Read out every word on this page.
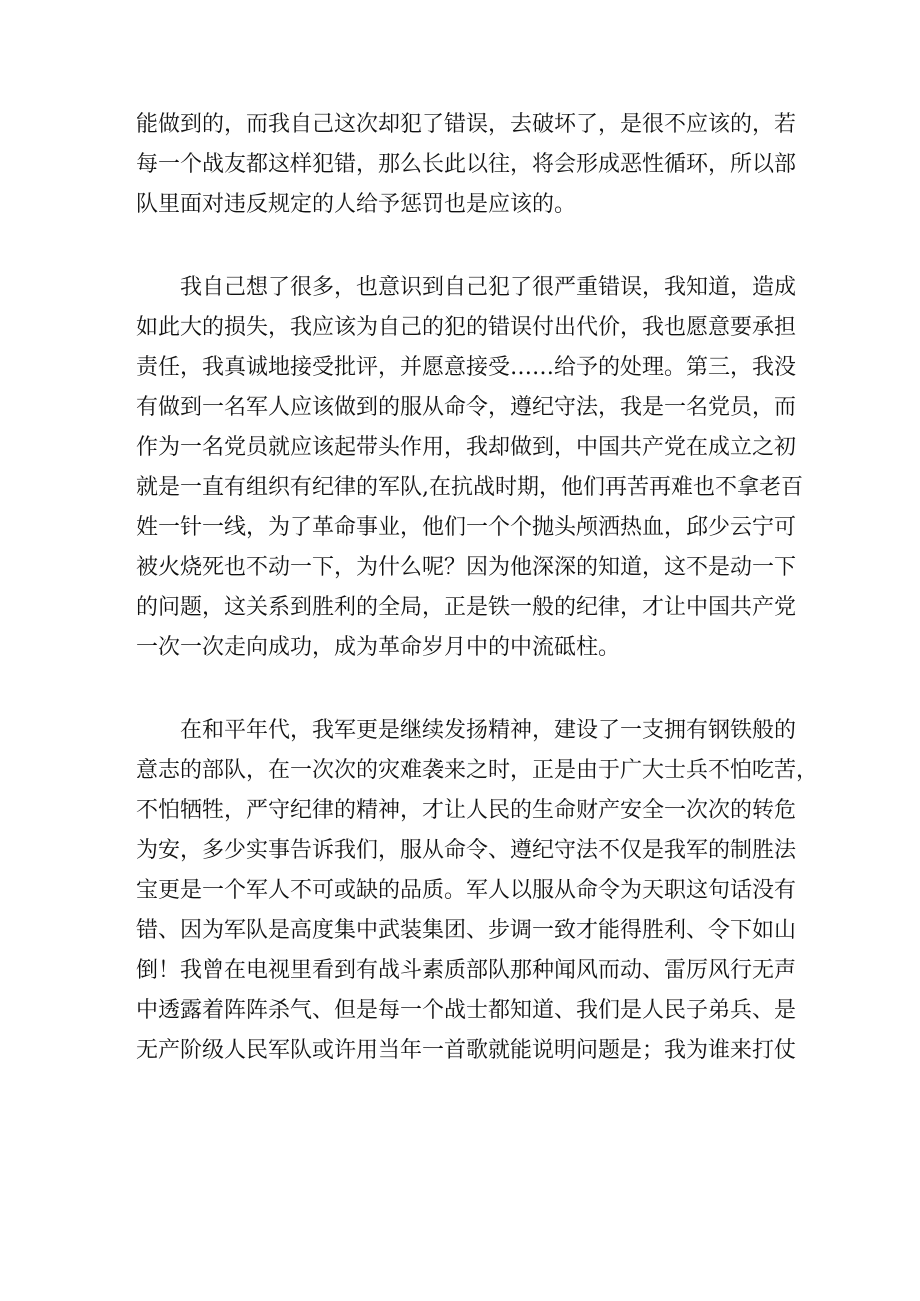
能做到的，而我自己这次却犯了错误，去破坏了，是很不应该的，若
每一个战友都这样犯错，那么长此以往，将会形成恶性循环，所以部
队里面对违反规定的人给予惩罚也是应该的。
　　我自己想了很多，也意识到自己犯了很严重错误，我知道，造成
如此大的损失，我应该为自己的犯的错误付出代价，我也愿意要承担
责任，我真诚地接受批评，并愿意接受……给予的处理。第三，我没
有做到一名军人应该做到的服从命令，遵纪守法，我是一名党员，而
作为一名党员就应该起带头作用，我却做到，中国共产党在成立之初
就是一直有组织有纪律的军队,在抗战时期，他们再苦再难也不拿老百
姓一针一线，为了革命事业，他们一个个抛头颅洒热血，邱少云宁可
被火烧死也不动一下，为什么呢？因为他深深的知道，这不是动一下
的问题，这关系到胜利的全局，正是铁一般的纪律，才让中国共产党
一次一次走向成功，成为革命岁月中的中流砥柱。
　　在和平年代，我军更是继续发扬精神，建设了一支拥有钢铁般的
意志的部队，在一次次的灾难袭来之时，正是由于广大士兵不怕吃苦，
不怕牺牲，严守纪律的精神，才让人民的生命财产安全一次次的转危
为安，多少实事告诉我们，服从命令、遵纪守法不仅是我军的制胜法
宝更是一个军人不可或缺的品质。军人以服从命令为天职这句话没有
错、因为军队是高度集中武装集团、步调一致才能得胜利、令下如山
倒！我曾在电视里看到有战斗素质部队那种闻风而动、雷厉风行无声
中透露着阵阵杀气、但是每一个战士都知道、我们是人民子弟兵、是
无产阶级人民军队或许用当年一首歌就能说明问题是；我为谁来打仗
